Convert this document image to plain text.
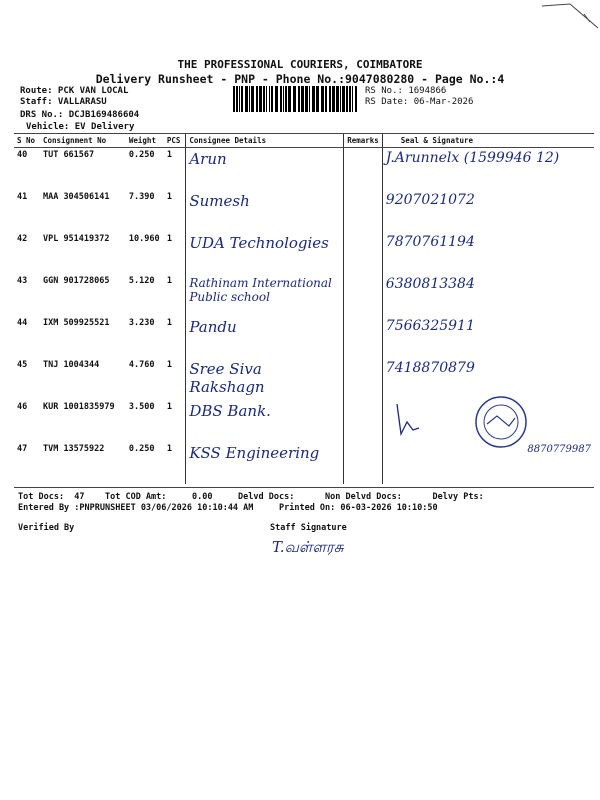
THE PROFESSIONAL COURIERS, COIMBATORE
Delivery Runsheet - PNP - Phone No.:9047080280 - Page No.:4
Route: PCK VAN LOCAL
Staff: VALLARASU
DRS No.: DCJB169486604
Vehicle: EV Delivery
RS No.: 1694866
RS Date: 06-Mar-2026
S No	Consignment No	Weight	PCS	Consignee Details	Remarks	Seal & Signature
40	TUT 661567	0.250	1	Arun		J.Arunnelx (1599946 12)
41	MAA 304506141	7.390	1	Sumesh		9207021072
42	VPL 951419372	10.960	1	UDA Technologies		7870761194
43	GGN 901728065	5.120	1	Rathinam International Public school		6380813384
44	IXM 509925521	3.230	1	Pandu		7566325911
45	TNJ 1004344	4.760	1	Sree Siva Rakshagn		7418870879
46	KUR 1001835979	3.500	1	DBS Bank.		

47	TVM 13575922	0.250	1	KSS Engineering		8870779987
Tot Docs:  47    Tot COD Amt:     0.00     Delvd Docs:      Non Delvd Docs:      Delvy Pts:
Entered By :PNPRUNSHEET 03/06/2026 10:10:44 AM     Printed On: 06-03-2026 10:10:50
Verified By	Staff Signature
T.வள்ளரசு
